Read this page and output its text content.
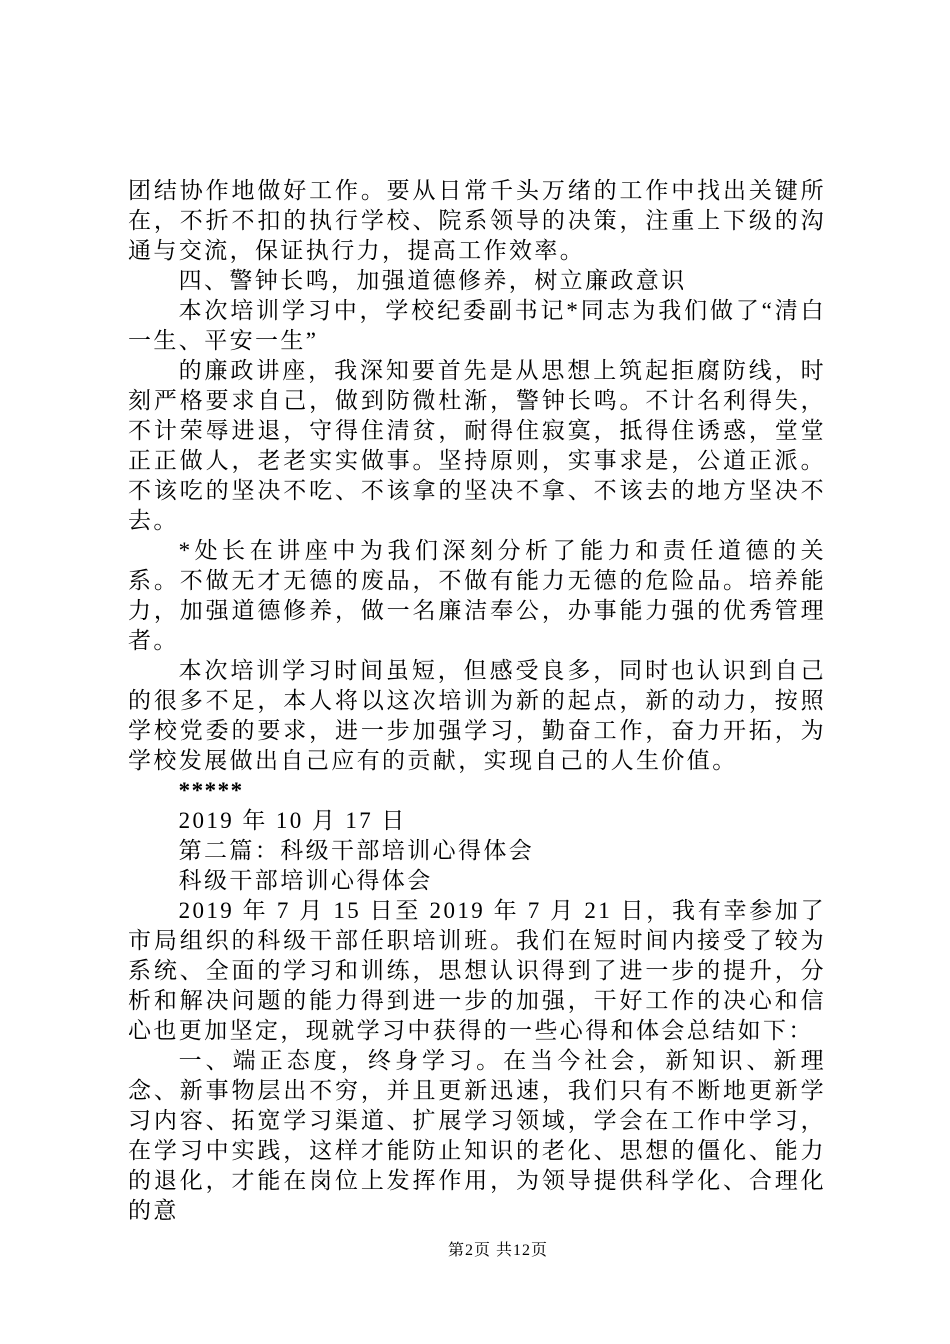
团结协作地做好工作。要从日常千头万绪的工作中找出关键所在，不折不扣的执行学校、院系领导的决策，注重上下级的沟通与交流，保证执行力，提高工作效率。

四、警钟长鸣，加强道德修养，树立廉政意识

本次培训学习中，学校纪委副书记*同志为我们做了“清白一生、平安一生”

的廉政讲座，我深知要首先是从思想上筑起拒腐防线，时刻严格要求自己，做到防微杜渐，警钟长鸣。不计名利得失，不计荣辱进退，守得住清贫，耐得住寂寞，抵得住诱惑，堂堂正正做人，老老实实做事。坚持原则，实事求是，公道正派。不该吃的坚决不吃、不该拿的坚决不拿、不该去的地方坚决不去。

*处长在讲座中为我们深刻分析了能力和责任道德的关系。不做无才无德的废品，不做有能力无德的危险品。培养能力，加强道德修养，做一名廉洁奉公，办事能力强的优秀管理者。

本次培训学习时间虽短，但感受良多，同时也认识到自己的很多不足，本人将以这次培训为新的起点，新的动力，按照学校党委的要求，进一步加强学习，勤奋工作，奋力开拓，为学校发展做出自己应有的贡献，实现自己的人生价值。

*****

2019 年 10 月 17 日

第二篇：科级干部培训心得体会

科级干部培训心得体会

2019 年 7 月 15 日至 2019 年 7 月 21 日，我有幸参加了市局组织的科级干部任职培训班。我们在短时间内接受了较为系统、全面的学习和训练，思想认识得到了进一步的提升，分析和解决问题的能力得到进一步的加强，干好工作的决心和信心也更加坚定，现就学习中获得的一些心得和体会总结如下：

一、端正态度，终身学习。在当今社会，新知识、新理念、新事物层出不穷，并且更新迅速，我们只有不断地更新学习内容、拓宽学习渠道、扩展学习领域，学会在工作中学习，在学习中实践，这样才能防止知识的老化、思想的僵化、能力的退化，才能在岗位上发挥作用，为领导提供科学化、合理化的意

第2页 共12页
